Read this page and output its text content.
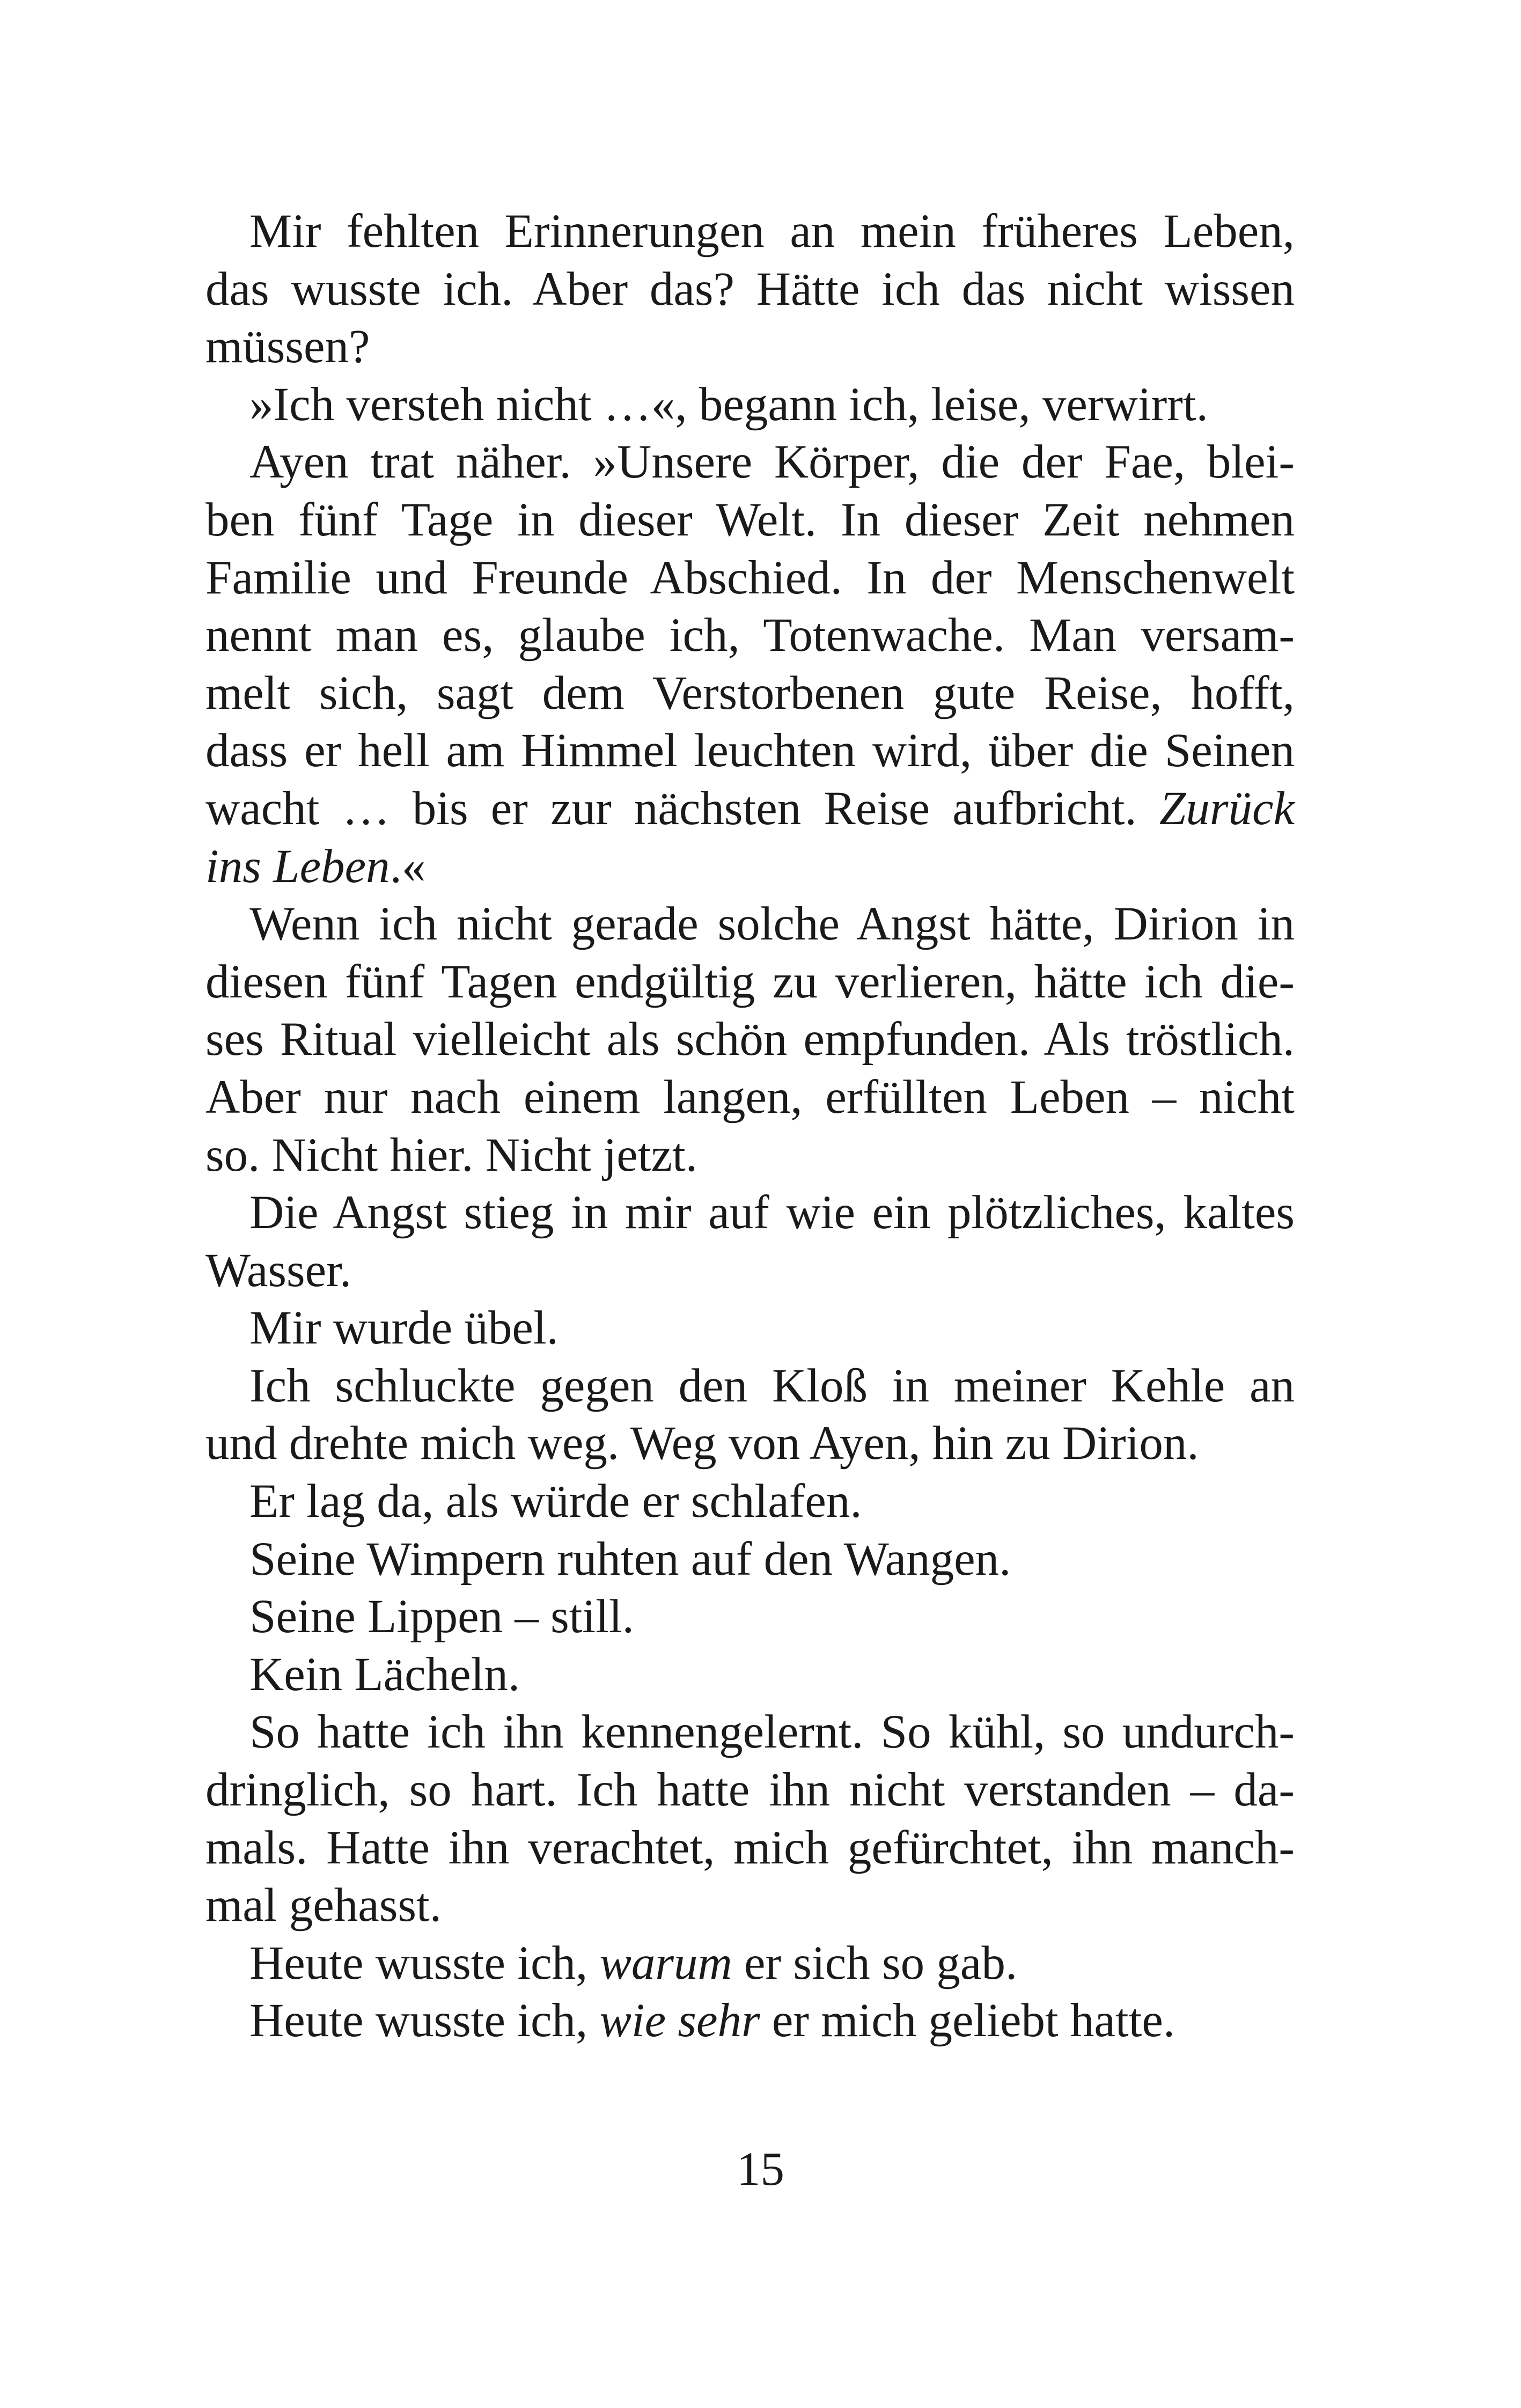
Mir fehlten Erinnerungen an mein früheres Leben,
das wusste ich. Aber das? Hätte ich das nicht wissen
müssen?
»Ich versteh nicht …«, begann ich, leise, verwirrt.
Ayen trat näher. »Unsere Körper, die der Fae, blei-
ben fünf Tage in dieser Welt. In dieser Zeit nehmen
Familie und Freunde Abschied. In der Menschenwelt
nennt man es, glaube ich, Totenwache. Man versam-
melt sich, sagt dem Verstorbenen gute Reise, hofft,
dass er hell am Himmel leuchten wird, über die Seinen
wacht … bis er zur nächsten Reise aufbricht. Zurück
ins Leben.«
Wenn ich nicht gerade solche Angst hätte, Dirion in
diesen fünf Tagen endgültig zu verlieren, hätte ich die-
ses Ritual vielleicht als schön empfunden. Als tröstlich.
Aber nur nach einem langen, erfüllten Leben – nicht
so. Nicht hier. Nicht jetzt.
Die Angst stieg in mir auf wie ein plötzliches, kaltes
Wasser.
Mir wurde übel.
Ich schluckte gegen den Kloß in meiner Kehle an
und drehte mich weg. Weg von Ayen, hin zu Dirion.
Er lag da, als würde er schlafen.
Seine Wimpern ruhten auf den Wangen.
Seine Lippen – still.
Kein Lächeln.
So hatte ich ihn kennengelernt. So kühl, so undurch-
dringlich, so hart. Ich hatte ihn nicht verstanden – da-
mals. Hatte ihn verachtet, mich gefürchtet, ihn manch-
mal gehasst.
Heute wusste ich, warum er sich so gab.
Heute wusste ich, wie sehr er mich geliebt hatte.
15
